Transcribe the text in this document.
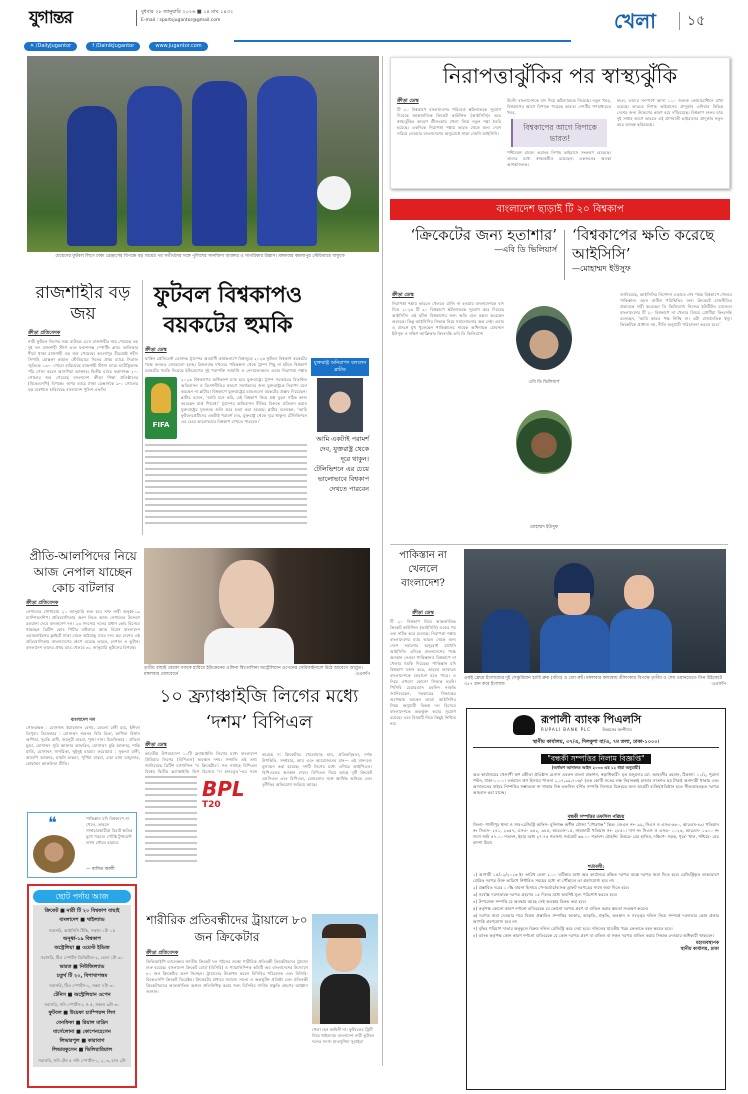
যুগান্তর	বুধবার ২৮ জানুয়ারি ২০২৬ ■ ১৪ মাঘ ১৪৩২
E-mail : sportsjugantor@gmail.com
✕ /DailyJugantor	f /DainikJugantor	www.jugantor.com
খেলা ১৫
মেয়েদের ফুটবল লিগে ঢাকা রেঞ্জার্সের বিপক্ষে বড় জয়ের পর সতীর্থদের সঙ্গে পুলিশের সানজিদা আক্তার ও সাগরিকার উল্লাস। মঙ্গলবার কমলাপুর স্টেডিয়ামে বাফুফে
নিরাপত্তাঝুঁকির পর স্বাস্থ্যঝুঁকি
ক্রীড়া ডেস্ক
টি ২০ বিশ্বকাপে বাংলাদেশের পরিবর্তে স্কটল্যান্ডকে সুযোগ দিয়েছে আন্তর্জাতিক ক্রিকেট কাউন্সিল (আইসিসি)। তবে স্বাস্থ্যঝুঁকির কারণে শ্রীলংকায় খেলা নিয়ে নতুন শঙ্কা তৈরি হয়েছে। একদিকে নিরাপত্তা শঙ্কায় ভারত থেকে অন্য দেশে সরিয়ে নেওয়ার বাংলাদেশের অনুরোধে সাড়া দেয়নি আইসিসি।
উল্টো বাংলাদেশকে বাদ দিয়ে স্কটল্যান্ডকে নিয়েছে। নতুন খবর, বিশ্বকাপের আগে বিপাকে পড়েছে ভারত। দেশটির গণমাধ্যমের খবর,
বিশ্বকাপের আগে বিপাকে ভারত!
পশ্চিমবঙ্গ রাজ্যে ভয়াবহ নিপাহ ভাইরাসে সংক্রমণ বেড়েছে। তাদের মধ্যে স্বাস্থ্যকর্মীও রয়েছেন। একজনের অবস্থা আশঙ্কাজনক।
ফলে, তাদের সংস্পর্শে আসা ১১০ জনকে কোয়ারেন্টিনে রাখা হয়েছে। ভারতে নিপাহ ভাইরাসের প্রাদুর্ভাব এশিয়ার বিভিন্ন দেশের জন্য উদ্বেগের কারণ হয়ে দাঁড়িয়েছে। বিশ্বকাপ শুরুর মাত্র দুই সপ্তাহ আগে ভারতে এই প্রাণঘাতী ভাইরাসের প্রাদুর্ভাব নতুন করে আতঙ্ক ছড়িয়েছে।
বাংলাদেশ ছাড়াই টি ২০ বিশ্বকাপ
‘ক্রিকেটের জন্য হতাশার’
—এবি ডি ভিলিয়ার্স
‘বিশ্বকাপের ক্ষতি করেছে আইসিসি’
—মোহাম্মদ ইউসুফ
ক্রীড়া ডেস্ক
নিরাপত্তা শঙ্কায় ভারতে খেলতে রাজি না হওয়ায় বাংলাদেশকে বাদ দিয়ে ২০২৬ টি ২০ বিশ্বকাপে স্কটল্যান্ডকে সুযোগ করে দিয়েছে আইসিসি। এই ঘটনা বিশ্বকাপের জন্য ক্ষতি বলে মন্তব্য করেছেন অনেকে। কিন্তু আইসিসির সিদ্ধান্ত নিয়ে সমালোচনার অন্ত নেই। এবার এ প্রসঙ্গে মুখ খুলেছেন পাকিস্তানের সাবেক অধিনায়ক মোহাম্মদ ইউসুফ ও দক্ষিণ আফ্রিকার কিংবদন্তি এবি ডি ভিলিয়ার্স।
এবি ডি ভিলিয়ার্স
মোহাম্মদ ইউসুফ
জানিয়েছে, আইসিসির নির্দেশনা এড়াতে শেষ পর্যন্ত বিশ্বকাপে খেলবে পাকিস্তান। এমন জটিল পরিস্থিতির জন্য ক্রিকেটে রাজনীতির প্রভাবকে দায়ী করেছেন ডি ভিলিয়ার্স। নিজের ইউটিউব চ্যানেলে বাংলাদেশের টি ২০ বিশ্বকাপে না খেলার বিষয়ে প্রোটিয়া কিংবদন্তি বলেছেন, ‘আমি কারও পক্ষ নিচ্ছি না। এটা রাজনৈতিক ইস্যু। ক্রিকেটকে প্রাধান্য নয়, নীতি অনুযায়ী পরিচালনা করতে হবে।’
রাজশাহীর বড় জয়
ক্রীড়া প্রতিবেদক
নারী ফুটবল লিগের নবম রাউন্ডে এসে রাজশাহীর জয় পেয়েছে বড় দুই দল রাজশাহী স্টার্স এবং ফরাশগঞ্জ স্পোর্টিং ক্লাব। তালিকার শীর্ষে থাকা রাজশাহী বড় জয় পেয়েছে। কমলাপুর বীরশ্রেষ্ঠ শহীদ সিপাহি মোস্তফা কামাল স্টেডিয়ামে দিনের প্রথম ম্যাচে সিরাজ স্মৃতিকে ১৩-০ গোলে হারিয়েছে রাজশাহী স্টার্স। ম্যাচে হ্যাটট্রিকসহ পাঁচ গোল করেন আসপিয়া আক্তার। দ্বিতীয় ম্যাচে ফরাশগঞ্জ ২-০ গোলের জয় পেয়েছে বাংলাদেশ ক্রীড়া শিক্ষা প্রতিষ্ঠানের (বিকেএসপি) বিপক্ষে। অপর ম্যাচে ঢাকা রেঞ্জার্সকে ৯-০ গোলের বড় ব্যবধানে হারিয়েছে বাংলাদেশ পুলিশ এফসি।
ফুটবল বিশ্বকাপও বয়কটের হুমকি
ক্রীড়া ডেস্ক
মার্কিন প্রেসিডেন্ট ডোনাল্ড ট্রাম্পের আগ্রাসী কার্যকলাপে বিশ্বজুড়ে ২০২৬ ফুটবল বিশ্বকাপ বয়কটের পক্ষে জনমত জোরালো হচ্ছে। গ্রিনল্যান্ড দখলের পরিকল্পনা থেকে ট্রাম্প পিছু না হটলে বিশ্বকাপ বয়কটের হুমকি দিয়েছে ইউরোপের দুই পরাশক্তি জার্মানি ও নেদারল্যান্ডস। এবার নিরাপত্তা শঙ্কায়
FIFA
২০২৬ বিশ্বকাপের অধিকাংশ ম্যাচ হবে যুক্তরাষ্ট্রে। ট্রাম্প সরকারের বিতর্কিত অভিবাসন ও বিদেশনীতির কারণে সমর্থকদের জন্য যুক্তরাষ্ট্রকে নিরাপদ মনে করছেন না ব্লাটার। বিশ্বকাপে যুক্তরাষ্ট্রের ম্যাচগুলো বয়কটের প্রস্তাব দিয়েছেন। ব্লাটার বলেন, ‘আমি মনে করি, এই বিশ্বকাপ নিয়ে প্রশ্ন তুলে সঠিক কাজ করেছেন মার্ক পিয়েথ।’ ট্রাম্পের অভিবাসন নীতির বিরুদ্ধে প্রতিবাদ করায় যুক্তরাষ্ট্রের দুজনকে গুলি করে হত্যা করা হয়েছে। ব্লাটার বলেছেন, ‘আমি ফুটবলপ্রেমীদের একটাই পরামর্শ দেব, যুক্তরাষ্ট্র থেকে দূরে থাকুন। টেলিভিশনে এর চেয়ে ভালোভাবে বিশ্বকাপ দেখতে পারবেন।’
যুক্তরাষ্ট্র অনিরাপদ বললেন ব্লাটার
আমি একটাই পরামর্শ দেব, যুক্তরাষ্ট্র থেকে দূরে থাকুন। টেলিভিশনে এর চেয়ে ভালোভাবে বিশ্বকাপ দেখতে পারবেন
প্রীতি-আলপিদের নিয়ে আজ নেপাল যাচ্ছেন কোচ বাটলার
ক্রীড়া প্রতিবেদক
নেপালের পোখারায় ২১ জানুয়ারি শুরু হবে সাফ নারী অনূর্ধ্ব-১৯ চ্যাম্পিয়নশিপ। প্রতিযোগিতায় অংশ নিতে আজ নেপালের উদ্দেশে রওয়ানা দেবে বাংলাদেশ দল। ২৩ সদস্যের দলের প্রধান কোচ হিসেবে থাকছেন ব্রিটিশ কোচ পিটার বাটলার। আজ বিমান বাংলাদেশ এয়ারলাইন্সের ফ্লাইটে ঢাকা থেকে কাঠমান্ডু যাবে দল। ছয় দেশের এই প্রতিযোগিতায় বাংলাদেশের গ্রুপে রয়েছে ভারত, নেপাল ও ভুটান। বাংলাদেশ তাদের প্রথম ম্যাচ খেলবে ৩১ জানুয়ারি ভুটানের বিপক্ষে।
বাংলাদেশ দল
গোলরক্ষক : মোসাম্মৎ ইয়ারজান বেগম, মেঘলা রানী রায়, ইশিতা ত্রিপুরা। ডিফেন্ডার : মোসাম্মৎ জয়নব বিবি রিতা, অর্পিতা বিশ্বাস অর্পিতা, সুরভি রানী, জয়নুরী মারমা, পূজা দাস। মিডফিল্ডার : প্রতিমা মুন্ডা, মোসাম্মৎ সুমি আক্তার আফরিন, মোসাম্মৎ মুন্নি আক্তার, শান্তি মার্ডি, মোসাম্মৎ সাগরিকা, থুইনুই মারমা। ফরোয়ার্ড : সুকন্যা রানী, আলপি আক্তার, মামনি চাকমা, পূর্ণিমা মারমা, রত্না রানা মজুমদার, মোছাম্মৎ আকলিমা প্রীতি।
তৃতীয় বাছাই কেকো গফকে হারিয়ে ইউক্রেনের এলিনা স্বিতোলিনা অস্ট্রেলিয়ান ওপেনের সেমিফাইনালে উঠে আবেগে আপ্লুত। মঙ্গলবার মেলবোর্নে	এএফপি
১০ ফ্র্যাঞ্চাইজি লিগের মধ্যে ‘দশম’ বিপিএল
ক্রীড়া ডেস্ক
ভারতীয় উপমহাদেশ ১০টি ফ্র্যাঞ্চাইজি লিগের মধ্যে বাংলাদেশ প্রিমিয়ার লিগের (বিপিএল) অবস্থান দশম। সম্প্রতি এই তথ্য জানিয়েছে ব্রিটিশ ম্যাগাজিন ‘দ্য ক্রিকেটার’। গত সপ্তাহে বিপিএল বিশ্বের দ্বিতীয় ফ্র্যাঞ্চাইজি লিগ হিসেবে ‘দ্য হানড্রেড’-এর সঙ্গে
BPL
T20
করেছে দ্য ক্রিকেটার। খেলোয়াড় মান, প্রতিদ্বন্দ্বিতা, দর্শক উপস্থিতি, সম্প্রচার, আয় এবং আয়োজনের মান— এই মানদণ্ডে মূল্যায়ন করা হয়েছে। দশটি লিগের মধ্যে এগিয়ে আইপিএল। বিপিএলের অবস্থান শেষে। বিপিএল নিয়ে আছে দুটি ক্রিকেট এমসিএল এবং বিপিএল, যেগুলোর সঙ্গে আর্থিক অনিয়ম এবং দুর্নীতির অভিযোগ জড়িয়ে আছে।
❝	পাকিস্তান যদি বিশ্বকাপে না খেলে, তাহলে সম্প্রচারকারীরা বিরাট ক্ষতির মুখে পড়বে। পেটাই টুর্নামেন্ট তখন গৌরব হারাবে
— বাসিত আলী
ছোট পর্দায় আজ
ক্রিকেট ■ নারী টি ২০ বিশ্বকাপ বাছাই
বাংলাদেশ ■ থাইল্যান্ড
সরাসরি, আইসিসি টিভি, সকাল ১টা ১৫
অনূর্ধ্ব-১৯ বিশ্বকাপ
অস্ট্রেলিয়া ■ ওয়েস্ট ইন্ডিজ
সরাসরি, টিএ স্পোর্টস ডিজিটাল-২, বেলা ১টা ৩০
ভারত ■ নিউজিল্যান্ড
চতুর্থ টি ২০, বিশাখাপত্তম
সরাসরি, টিএ স্পোর্টস-২, সন্ধ্যা ৭টা ৩০
টেনিস ■ অস্ট্রেলিয়ান ওপেন
সরাসরি, সনি স্পোর্টস-২ ও ৫, সকাল ৬টা ৩০
ফুটবল ■ উয়েফা চ্যাম্পিয়ন্স লিগ
বেনফিকা ■ রিয়াল মাদ্রিদ
বার্সেলোনা ■ কোপেনহেগেন
লিভারপুল ■ কারাবাগ
লিভারকুসেন ■ ভিলিয়ারিয়াল
সরাসরি, সনি টেন ৫ সনি স্পোর্টস-১, ২, ৩, রাত ২টা
শারীরিক প্রতিবন্ধীদের ট্রায়ালে ৮০ জন ক্রিকেটার
ক্রীড়া প্রতিবেদক
ভিভিআইপি চ্যালেঞ্জার জাতীয় ক্রিকেট দল গঠনের লক্ষ্যে শারীরিক প্রতিবন্ধী ক্রিকেটারদের ট্রায়াল শুরু হয়েছে। বাংলাদেশ ক্রিকেট বোর্ড (বিসিবি) ও প্যারালিম্পিক কমিটি অব বাংলাদেশের উদ্যোগে ৮০ জন ক্রিকেটার অংশ নিচ্ছেন। ট্রায়ালের উদ্বোধন করেন বিসিবির পরিচালক এবং বিসিবি-বিকেএসপি ক্রিকেট ডিরেক্টর। ক্রিকেটের মাধ্যমে সমাজে সমতা ও অন্তর্ভুক্তি প্রতিষ্ঠা এবং প্রতিবন্ধী ক্রিকেটারদের আন্তর্জাতিক অঙ্গনে প্রতিনিধিত্ব করার জন্য বিসিবির সার্বিক প্রস্তুতি গ্রহণের আহ্বান জানান।
খেলা হেন কাহিনী না। ফুটবলের ট্রিটি নিয়ে থাইল্যান্ড বাংলাদেশ নারী ফুটবল দলের সদস্য মাতসুশিমা সুমাইয়া
পাকিস্তান না খেললে বাংলাদেশ?
ক্রীড়া ডেস্ক
টি ২০ বিশ্বকাপ নিয়ে আন্তর্জাতিক ক্রিকেট কাউন্সিল (আইসিসি) একের পর এক নাটক করে চলেছে। নিরাপত্তা শঙ্কায় বাংলাদেশের ম্যাচ ভারত থেকে অন্য দেশে সরানোর অনুরোধ রাখেনি আইসিসি। এদিকে বাংলাদেশের পক্ষে অবস্থান নেওয়া পাকিস্তানও বিশ্বকাপে না খেলার হুমকি দিয়েছে। পাকিস্তান যদি বিশ্বকাপ বর্জন করে, তাহলে আবারও বাংলাদেশকে ফেরানো হতে পারে। এ নিয়ে এখনো কোনো সিদ্ধান্ত হয়নি। পিসিবি চেয়ারম্যান মহসিন নাকভি জানিয়েছেন, সরকারের সিদ্ধান্তের অপেক্ষায় আছেন তারা। আইসিসির নিয়ম অনুযায়ী বিকল্প দল হিসেবে বাংলাদেশকে অন্তর্ভুক্ত করার সুযোগ রয়েছে। তবে বিষয়টি নিয়ে কিছুই নিশ্চিত নয়।
একই ফ্রেমে ইংল্যান্ডের দুই সেঞ্চুরিয়ান হ্যারি ব্রুক (বাঁয়ে) ও জো রুট। মঙ্গলবার কলম্বোয় শ্রীলংকার বিপক্ষে তৃতীয় ও শেষ ওয়ানডেতে তিন উইকেটে ৩৫৭ রান করে ইংল্যান্ড	এএফপি
রূপালী ব্যাংক পিএলসি
RUPALI BANK PLC	উন্নয়নের অংশীদার
স্থানীয় কার্যালয়, ৩৭/এ, দিলকুশা বা/এ, ৭ম তলা, ঢাকা-১০০০।
"বন্ধকী সম্পত্তির নিলাম বিজ্ঞপ্তি"
(অর্থঋণ আদালত আইন ২০০৩ এর ১২ ধারা অনুযায়ী)
অত্র কার্যালয়ের খেলাপী ঋণ গ্রহীতা প্রতিষ্ঠান মেসার্স এবরুন বাংলা প্রকাশন, স্বত্বাধিকারী- মৃত মজুমদার মো. আহমদীর রহমান, ঠিকানা: ১১/২, পুরানা পল্টন, ঢাকা-১০০০। বর্তমানে ঋণ হিসাবে পাওনা ১,১৭,৯৯,৭০৬/- (এক কোটি সতের লক্ষ নিরানব্বই হাজার সাতশত ছয় টাকা) অনাদায়ী থাকায় এবং আদালতের বাইরে নিষ্পত্তির সম্ভাব্যতা না থাকায় নিম্ন তফসিল বর্ণিত সম্পত্তি নিলামে বিক্রয়ের জন্য আগ্রহী ব্যক্তি/প্রতিষ্ঠান হতে সীলমোহরকৃত দরপত্র আহবান করা যাচ্ছে।
বন্ধকী সম্পত্তির তফসিল পরিচয়
জিলা- গাজীপুর থানা ও সাব-রেজিস্ট্রি অফিস- মুন্সিগঞ্জ অধীন মৌজা "গৌরগঞ্জ" স্থিত। জেএল নং- ৯৯, সিএস ও এসএ-৬৮০, আরএস-৪৯। খতিয়ান নং সিএস- ২৪১, ২৩৫৭, এসএ- ৩৫২, ৩৪৫, আরএস-১৫, নামজারী খতিয়ান নং- ২৮৫১। দাগ নং সিএস ও এসএ- ১০২৩, আরএস- ১৩০০ নং দাগে জমি ৫৭.০০ শতাংশ, ইহার মধ্যে ২৭.৭৫ শতাংশ। সর্বমোট ৬৬.০০ শতাংশ। চৌহদ্দি: উত্তরে- মেয় হালিম, দক্ষিণে- সড়ক, পূর্বে- খাল, পশ্চিমে- মেয় বাদশা মিয়া।
শর্তাবলী:
১) আগামী ১৫/০২/২০২৬ ইং তারিখ বেলা ২.০০ ঘটিকার মধ্যে অত্র কার্যালয়ে রক্ষিত দরপত্র বাক্সে দরপত্র জমা দিতে হবে। রেজিস্ট্রিকৃত ডাকযোগে প্রেরিত দরপত্র উক্ত তারিখে নির্ধারিত সময়ের মধ্যে না পৌঁছালে তা গ্রহণযোগ্য হবে না।
২) প্রস্তাবিত দরের ১০% বায়না হিসাবে পে-অর্ডার/ব্যাংক ড্রাফট দরপত্রের সাথে জমা দিতে হবে।
৩) সর্বোচ্চ দরদাতাকে দরপত্র গ্রহণের ১৫ দিনের মধ্যে অবশিষ্ট মূল্য পরিশোধ করতে হবে।
৪) উপরোক্ত সম্পত্তি যে অবস্থায় আছে সেই অবস্থায় বিক্রয় করা হবে।
৫) কর্তৃপক্ষ কোনো কারণ দর্শানো ব্যতিরেকে যে কোনো দরপত্র গ্রহণ বা বাতিল করার ক্ষমতা সংরক্ষণ করেন।
৬) দরপত্র জমা দেওয়ার পরে বিক্রয় প্রস্তাবিত সম্পত্তির আকার, আকৃতি, প্রকৃতি, অবস্থান ও সত্ত্বের দলিল নিয়ে সম্পর্কে দরদাতার কোন প্রকার আপত্তি গ্রহণযোগ্য হবে না।
৭) বৃদ্ধির পরিমাণ দাতার অনুকূলে বিক্রয় দলিল রেজিস্ট্রি করে দেয়া হবে। দলিলের যাবতীয় খরচ ক্রেতাকে বহন করতে হবে।
৮) ব্যাংক কর্তৃপক্ষ কোন কারণ দর্শানো ব্যতিরেকে যে কোন দরপত্র গ্রহণ বা বাতিল বা সকল দরপত্র বাতিল করার সিদ্ধান্ত নেওয়ার অধিকারী থাকবেন।
মহাব্যবস্থাপক
স্থানীয় কার্যালয়, ঢাকা
